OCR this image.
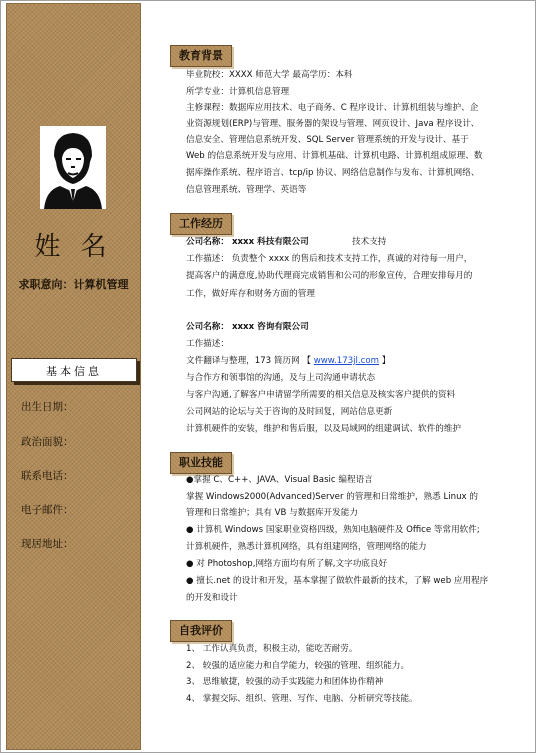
姓 名
求职意向：计算机管理
基本信息
出生日期：
政治面貌：
联系电话：
电子邮件：
现居地址：
教育背景
毕业院校：XXXX 师范大学 最高学历：本科
所学专业：计算机信息管理
主修课程：数据库应用技术、电子商务、C 程序设计、计算机组装与维护、企
业资源规划(ERP)与管理、服务器的架设与管理、网页设计、Java 程序设计、
信息安全、管理信息系统开发、SQL Server 管理系统的开发与设计、基于
Web 的信息系统开发与应用、计算机基础、计算机电路、计算机组成原理、数
据库操作系统、程序语言、tcp/ip 协议、网络信息制作与发布、计算机网络、
信息管理系统、管理学、英语等
工作经历
公司名称： xxxx 科技有限公司	技术支持
工作描述： 负责整个 xxxx 的售后和技术支持工作，真诚的对待每一用户，
提高客户的满意度,协助代理商完成销售和公司的形象宣传，合理安排每月的
工作，做好库存和财务方面的管理
公司名称： xxxx 咨询有限公司
工作描述：
文件翻译与整理，173 简历网 【 www.173jl.com 】
与合作方和领事馆的沟通，及与上司沟通申请状态
与客户沟通,了解客户申请留学所需要的相关信息及核实客户提供的资料
公司网站的论坛与关于咨询的及时回复，网站信息更新
计算机硬件的安装，维护和售后服，以及局域网的组建调试、软件的维护
职业技能
●掌握 C、C++、JAVA、Visual Basic 编程语言
掌握 Windows2000(Advanced)Server 的管理和日常维护，熟悉 Linux 的
管理和日常维护；具有 VB 与数据库开发能力
● 计算机 Windows 国家职业资格四级，熟知电脑硬件及 Office 等常用软件;
计算机硬件，熟悉计算机网络，具有组建网络，管理网络的能力
● 对 Photoshop,网络方面均有所了解,文字功底良好
● 擅长.net 的设计和开发，基本掌握了做软件最新的技术，了解 web 应用程序
的开发和设计
自我评价
1、 工作认真负责，积极主动，能吃苦耐劳。
2、 较强的适应能力和自学能力，较强的管理、组织能力。
3、 思维敏捷，较强的动手实践能力和团体协作精神
4、 掌握交际、组织、管理、写作、电脑、分析研究等技能。
